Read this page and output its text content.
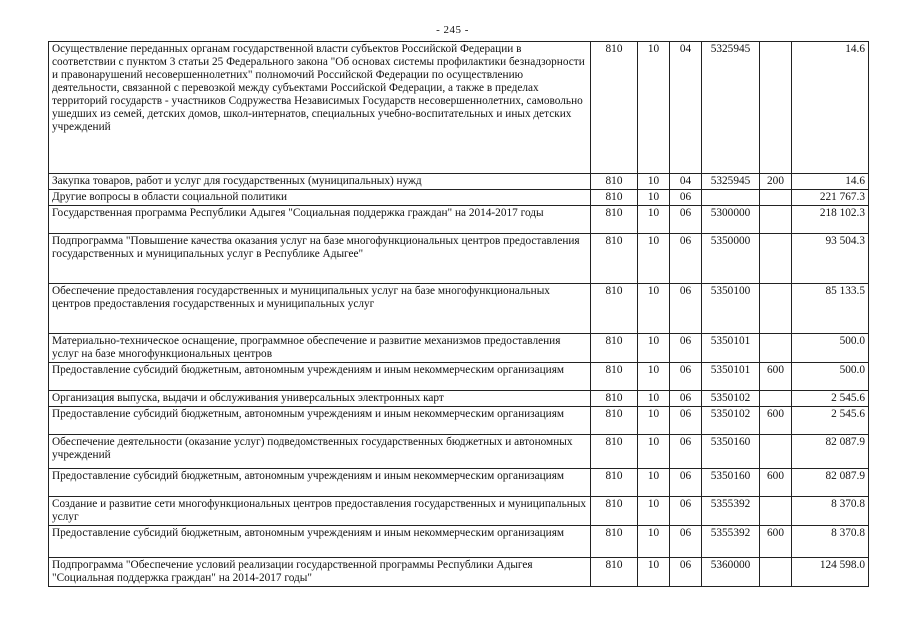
- 245 -
Осуществление переданных органам государственной власти субъектов Российской Федерации в соответствии с пунктом 3 статьи 25 Федерального закона "Об основах системы профилактики безнадзорности и правонарушений несовершеннолетних" полномочий Российской Федерации по осуществлению деятельности, связанной с перевозкой между субъектами Российской Федерации, а также в пределах территорий государств - участников Содружества Независимых Государств несовершеннолетних, самовольно ушедших из семей, детских домов, школ-интернатов, специальных учебно-воспитательных и иных детских учреждений	810	10	04	5325945		14.6
Закупка товаров, работ и услуг для государственных (муниципальных) нужд	810	10	04	5325945	200	14.6
Другие вопросы в области социальной политики	810	10	06			221 767.3
Государственная программа Республики Адыгея "Социальная поддержка граждан" на 2014-2017 годы	810	10	06	5300000		218 102.3
Подпрограмма "Повышение качества оказания услуг на базе многофункциональных центров предоставления государственных и муниципальных услуг в Республике Адыгее"	810	10	06	5350000		93 504.3
Обеспечение предоставления государственных и муниципальных услуг на базе многофункциональных центров предоставления государственных и муниципальных услуг	810	10	06	5350100		85 133.5
Материально-техническое оснащение, программное обеспечение и развитие механизмов предоставления услуг на базе многофункциональных центров	810	10	06	5350101		500.0
Предоставление субсидий бюджетным, автономным учреждениям и иным некоммерческим организациям	810	10	06	5350101	600	500.0
Организация выпуска, выдачи и обслуживания универсальных электронных карт	810	10	06	5350102		2 545.6
Предоставление субсидий бюджетным, автономным учреждениям и иным некоммерческим организациям	810	10	06	5350102	600	2 545.6
Обеспечение деятельности (оказание услуг) подведомственных государственных бюджетных и автономных учреждений	810	10	06	5350160		82 087.9
Предоставление субсидий бюджетным, автономным учреждениям и иным некоммерческим организациям	810	10	06	5350160	600	82 087.9
Создание и развитие сети многофункциональных центров предоставления государственных и муниципальных услуг	810	10	06	5355392		8 370.8
Предоставление субсидий бюджетным, автономным учреждениям и иным некоммерческим организациям	810	10	06	5355392	600	8 370.8
Подпрограмма "Обеспечение условий реализации государственной программы Республики Адыгея "Социальная поддержка граждан" на 2014-2017 годы"	810	10	06	5360000		124 598.0
